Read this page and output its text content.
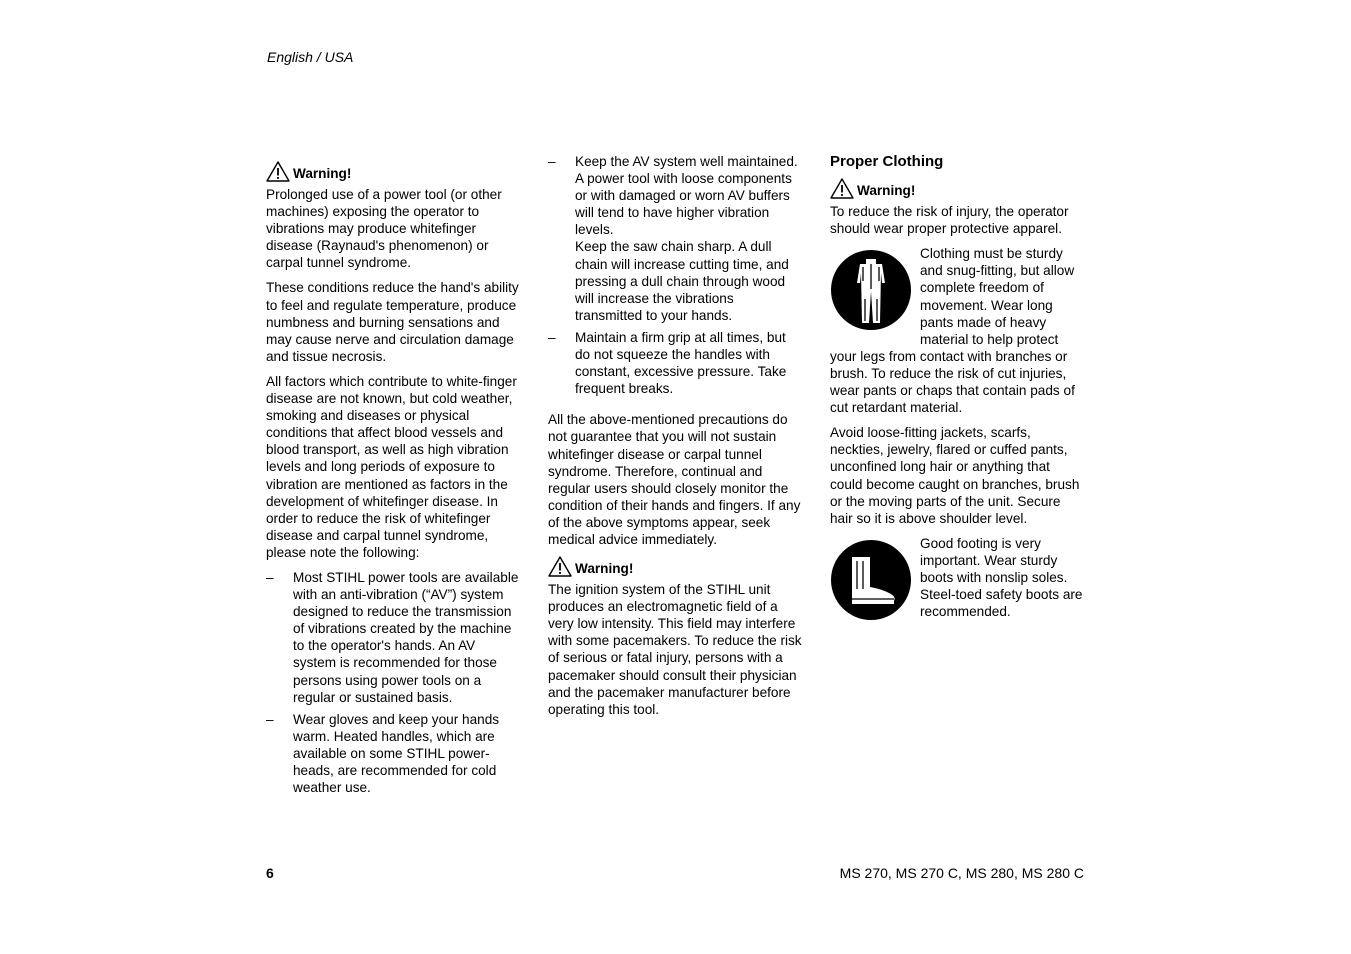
English / USA
Warning!

Prolonged use of a power tool (or other machines) exposing the operator to vibrations may produce whitefinger disease (Raynaud's phenomenon) or carpal tunnel syndrome.

These conditions reduce the hand's ability to feel and regulate temperature, produce numbness and burning sensations and may cause nerve and circulation damage and tissue necrosis.

All factors which contribute to white-finger disease are not known, but cold weather, smoking and diseases or physical conditions that affect blood vessels and blood transport, as well as high vibration levels and long periods of exposure to vibration are mentioned as factors in the development of whitefinger disease. In order to reduce the risk of whitefinger disease and carpal tunnel syndrome, please note the following:

– Most STIHL power tools are available with an anti-vibration (“AV”) system designed to reduce the transmission of vibrations created by the machine to the operator's hands. An AV system is recommended for those persons using power tools on a regular or sustained basis.
– Wear gloves and keep your hands warm. Heated handles, which are available on some STIHL power-heads, are recommended for cold weather use.
– Keep the AV system well maintained. A power tool with loose components or with damaged or worn AV buffers will tend to have higher vibration levels.
Keep the saw chain sharp. A dull chain will increase cutting time, and pressing a dull chain through wood will increase the vibrations transmitted to your hands.
– Maintain a firm grip at all times, but do not squeeze the handles with constant, excessive pressure. Take frequent breaks.

All the above-mentioned precautions do not guarantee that you will not sustain whitefinger disease or carpal tunnel syndrome. Therefore, continual and regular users should closely monitor the condition of their hands and fingers. If any of the above symptoms appear, seek medical advice immediately.

Warning!

The ignition system of the STIHL unit produces an electromagnetic field of a very low intensity. This field may interfere with some pacemakers. To reduce the risk of serious or fatal injury, persons with a pacemaker should consult their physician and the pacemaker manufacturer before operating this tool.

Proper Clothing
Warning!

To reduce the risk of injury, the operator should wear proper protective apparel.

Clothing must be sturdy and snug-fitting, but allow complete freedom of movement. Wear long pants made of heavy material to help protect your legs from contact with branches or brush. To reduce the risk of cut injuries, wear pants or chaps that contain pads of cut retardant material.

Avoid loose-fitting jackets, scarfs, neckties, jewelry, flared or cuffed pants, unconfined long hair or anything that could become caught on branches, brush or the moving parts of the unit. Secure hair so it is above shoulder level.

Good footing is very important. Wear sturdy boots with nonslip soles. Steel-toed safety boots are recommended.

6	MS 270, MS 270 C, MS 280, MS 280 C
